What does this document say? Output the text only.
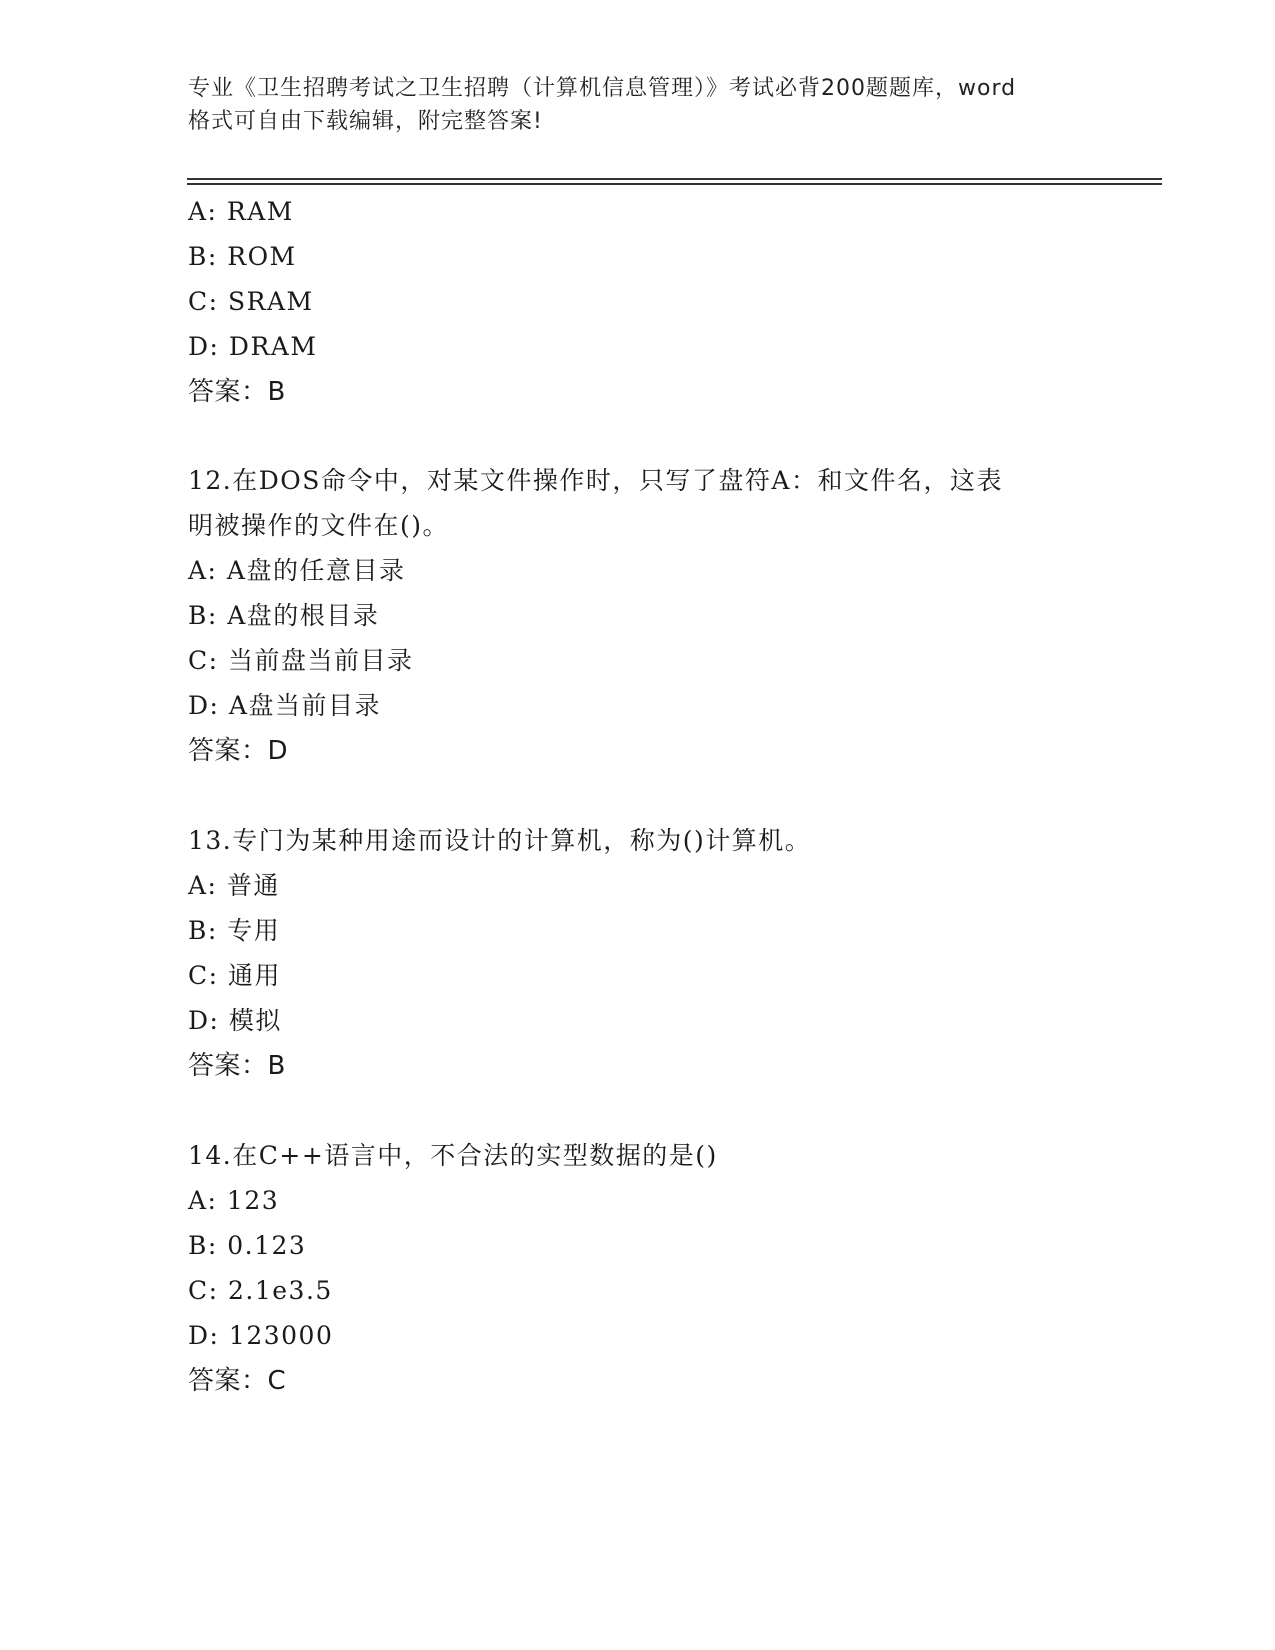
专业《卫生招聘考试之卫生招聘（计算机信息管理）》考试必背200题题库，word
格式可自由下载编辑，附完整答案!
A: RAM
B: ROM
C: SRAM
D: DRAM
答案：B
12.在DOS命令中，对某文件操作时，只写了盘符A：和文件名，这表
明被操作的文件在()。
A: A盘的任意目录
B: A盘的根目录
C: 当前盘当前目录
D: A盘当前目录
答案：D
13.专门为某种用途而设计的计算机，称为()计算机。
A: 普通
B: 专用
C: 通用
D: 模拟
答案：B
14.在C++语言中，不合法的实型数据的是()
A: 123
B: 0.123
C: 2.1e3.5
D: 123000
答案：C
